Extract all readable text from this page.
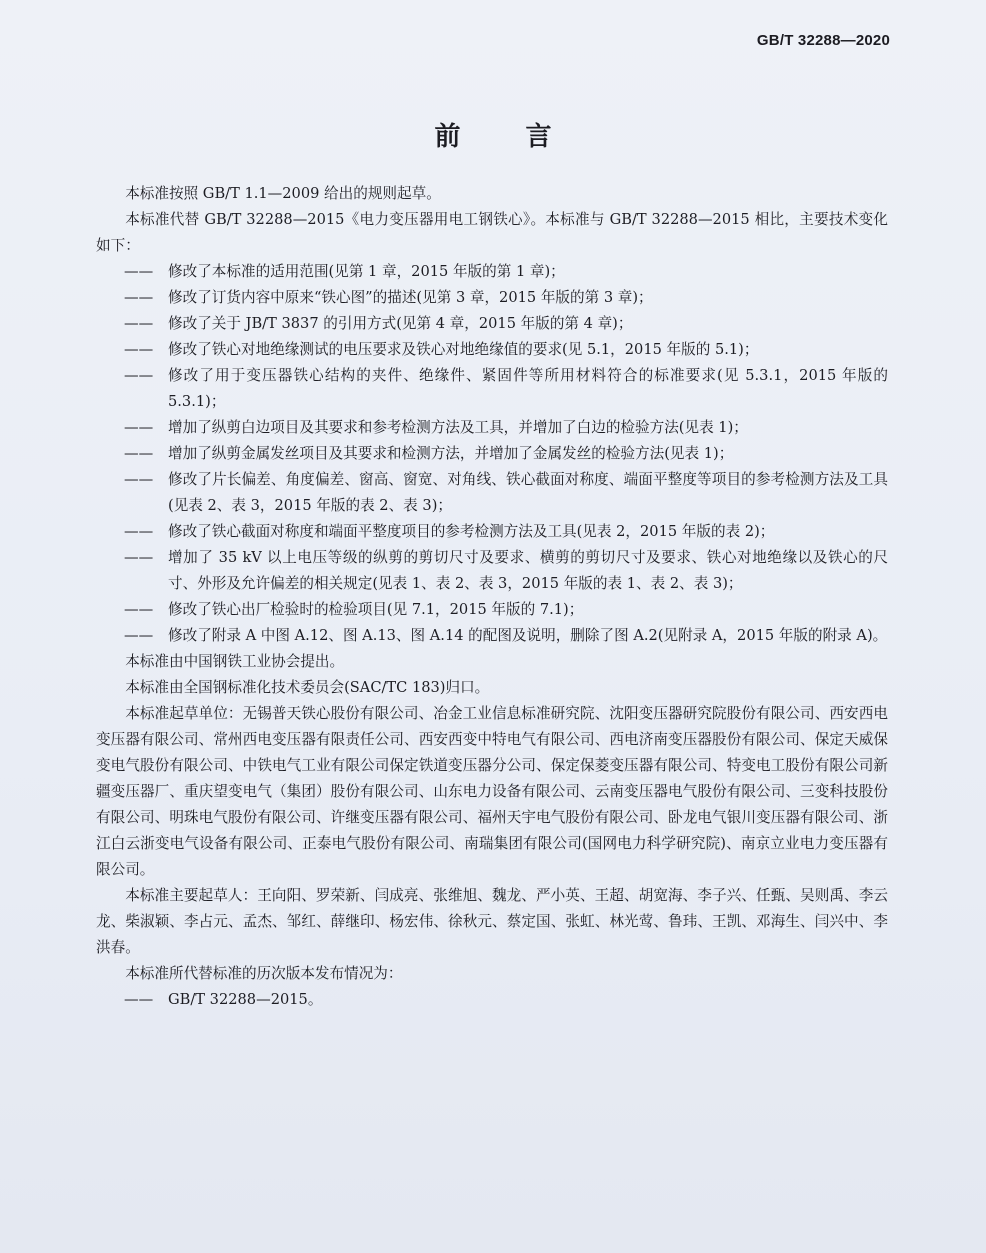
GB/T 32288—2020
前 言

本标准按照 GB/T 1.1—2009 给出的规则起草。

本标准代替 GB/T 32288—2015《电力变压器用电工钢铁心》。本标准与 GB/T 32288—2015 相比，主要技术变化如下：

—— 修改了本标准的适用范围(见第 1 章，2015 年版的第 1 章)；

—— 修改了订货内容中原来“铁心图”的描述(见第 3 章，2015 年版的第 3 章)；

—— 修改了关于 JB/T 3837 的引用方式(见第 4 章，2015 年版的第 4 章)；

—— 修改了铁心对地绝缘测试的电压要求及铁心对地绝缘值的要求(见 5.1，2015 年版的 5.1)；

—— 修改了用于变压器铁心结构的夹件、绝缘件、紧固件等所用材料符合的标准要求(见 5.3.1，2015 年版的 5.3.1)；

—— 增加了纵剪白边项目及其要求和参考检测方法及工具，并增加了白边的检验方法(见表 1)；

—— 增加了纵剪金属发丝项目及其要求和检测方法，并增加了金属发丝的检验方法(见表 1)；

—— 修改了片长偏差、角度偏差、窗高、窗宽、对角线、铁心截面对称度、端面平整度等项目的参考检测方法及工具(见表 2、表 3，2015 年版的表 2、表 3)；

—— 修改了铁心截面对称度和端面平整度项目的参考检测方法及工具(见表 2，2015 年版的表 2)；

—— 增加了 35 kV 以上电压等级的纵剪的剪切尺寸及要求、横剪的剪切尺寸及要求、铁心对地绝缘以及铁心的尺寸、外形及允许偏差的相关规定(见表 1、表 2、表 3，2015 年版的表 1、表 2、表 3)；

—— 修改了铁心出厂检验时的检验项目(见 7.1，2015 年版的 7.1)；

—— 修改了附录 A 中图 A.12、图 A.13、图 A.14 的配图及说明，删除了图 A.2(见附录 A，2015 年版的附录 A)。

本标准由中国钢铁工业协会提出。

本标准由全国钢标准化技术委员会(SAC/TC 183)归口。

本标准起草单位：无锡普天铁心股份有限公司、冶金工业信息标准研究院、沈阳变压器研究院股份有限公司、西安西电变压器有限公司、常州西电变压器有限责任公司、西安西变中特电气有限公司、西电济南变压器股份有限公司、保定天威保变电气股份有限公司、中铁电气工业有限公司保定铁道变压器分公司、保定保菱变压器有限公司、特变电工股份有限公司新疆变压器厂、重庆望变电气（集团）股份有限公司、山东电力设备有限公司、云南变压器电气股份有限公司、三变科技股份有限公司、明珠电气股份有限公司、许继变压器有限公司、福州天宇电气股份有限公司、卧龙电气银川变压器有限公司、浙江白云浙变电气设备有限公司、正泰电气股份有限公司、南瑞集团有限公司(国网电力科学研究院)、南京立业电力变压器有限公司。

本标准主要起草人：王向阳、罗荣新、闫成亮、张维旭、魏龙、严小英、王超、胡宽海、李子兴、任甄、吴则禹、李云龙、柴淑颖、李占元、孟杰、邹红、薛继印、杨宏伟、徐秋元、蔡定国、张虹、林光莺、鲁玮、王凯、邓海生、闫兴中、李洪春。

本标准所代替标准的历次版本发布情况为：

—— GB/T 32288—2015。
